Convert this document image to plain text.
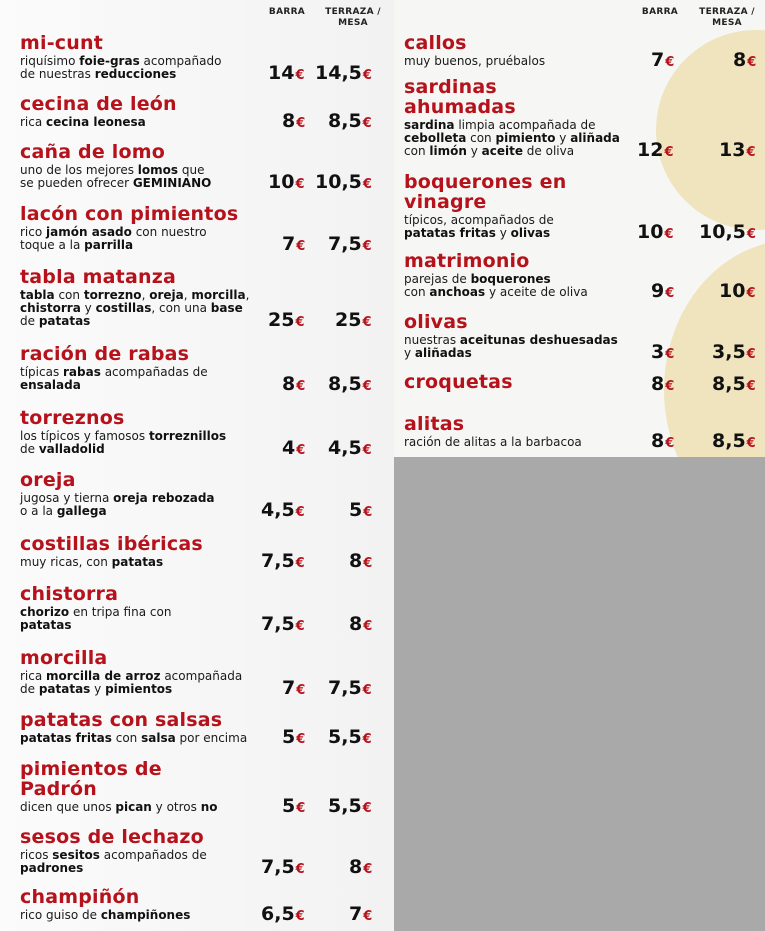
BARRA	TERRAZA /
MESA
mi-cunt
riquísimo foie-gras acompañado
de nuestras reducciones	14€ 14,5€
cecina de león
rica cecina leonesa	8€ 8,5€
caña de lomo
uno de los mejores lomos que
se pueden ofrecer GEMINIANO	10€ 10,5€
lacón con pimientos
rico jamón asado con nuestro
toque a la parrilla	7€ 7,5€
tabla matanza
tabla con torrezno, oreja, morcilla,
chistorra y costillas, con una base
de patatas	25€ 25€
ración de rabas
típicas rabas acompañadas de
ensalada	8€ 8,5€
torreznos
los típicos y famosos torreznillos
de valladolid	4€ 4,5€
oreja
jugosa y tierna oreja rebozada
o a la gallega	4,5€ 5€
costillas ibéricas
muy ricas, con patatas	7,5€ 8€
chistorra
chorizo en tripa fina con
patatas	7,5€ 8€
morcilla
rica morcilla de arroz acompañada
de patatas y pimientos	7€ 7,5€
patatas con salsas
patatas fritas con salsa por encima 5€ 5,5€
pimientos de
Padrón
dicen que unos pican y otros no	5€ 5,5€
sesos de lechazo
ricos sesitos acompañados de
padrones	7,5€ 8€
champiñón
rico guiso de champiñones	6,5€ 7€
BARRA	TERRAZA /
MESA
callos
muy buenos, pruébalos	7€	8€
sardinas
ahumadas
sardina limpia acompañada de
cebolleta con pimiento y aliñada
con limón y aceite de oliva	12€ 13€
boquerones en
vinagre
típicos, acompañados de
patatas fritas y olivas	10€ 10,5€
matrimonio
parejas de boquerones
con anchoas y aceite de oliva	9€ 10€
olivas
nuestras aceitunas deshuesadas
y aliñadas	3€ 3,5€
croquetas	8€ 8,5€
alitas
ración de alitas a la barbacoa	8€ 8,5€
